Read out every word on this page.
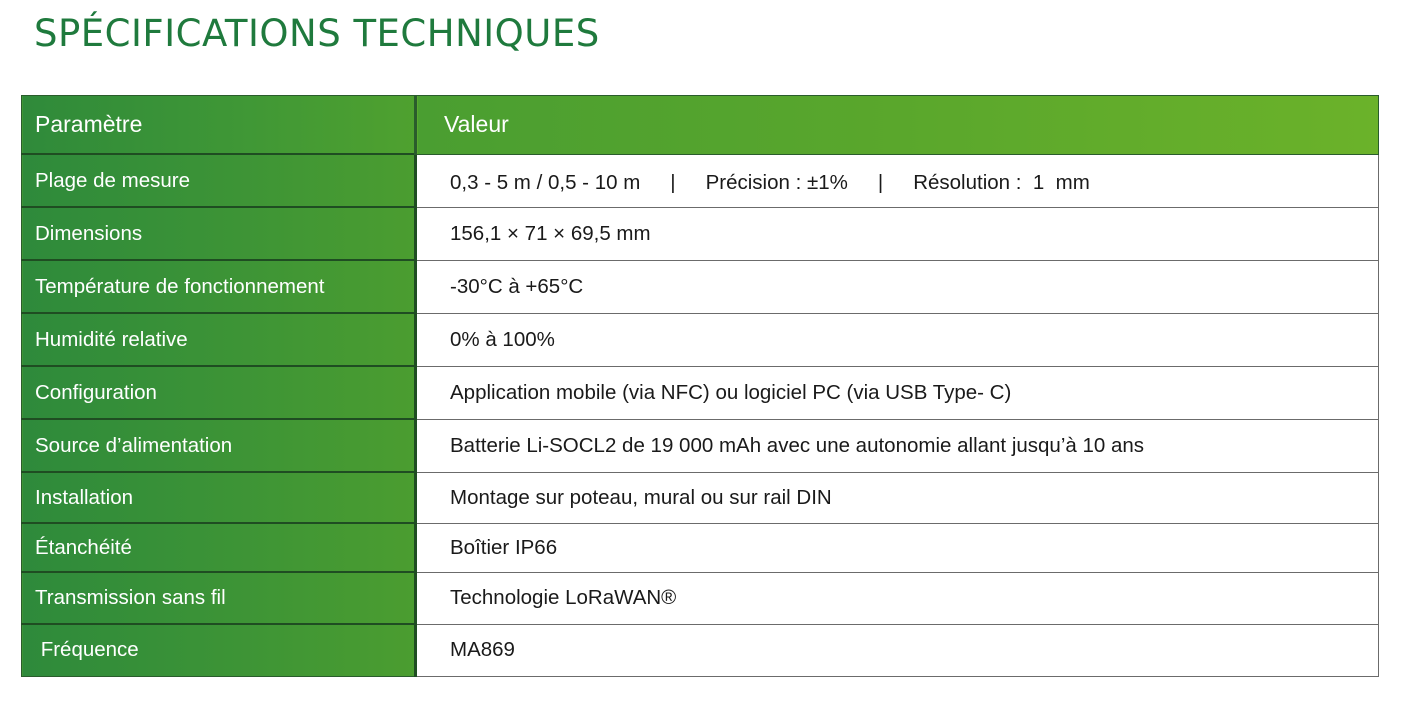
SPÉCIFICATIONS TECHNIQUES
Paramètre	Valeur
Plage de mesure	0,3 - 5 m / 0,5 - 10 m | Précision : ±1% | Résolution :  1  mm
Dimensions	156,1 × 71 × 69,5 mm
Température de fonctionnement	-30°C à +65°C
Humidité relative	0% à 100%
Configuration	Application mobile (via NFC) ou logiciel PC (via USB Type- C)
Source d’alimentation	Batterie Li-SOCL2 de 19 000 mAh avec une autonomie allant jusqu’à 10 ans
Installation	Montage sur poteau, mural ou sur rail DIN
Étanchéité	Boîtier IP66
Transmission sans fil	Technologie LoRaWAN®
Fréquence	MA869
